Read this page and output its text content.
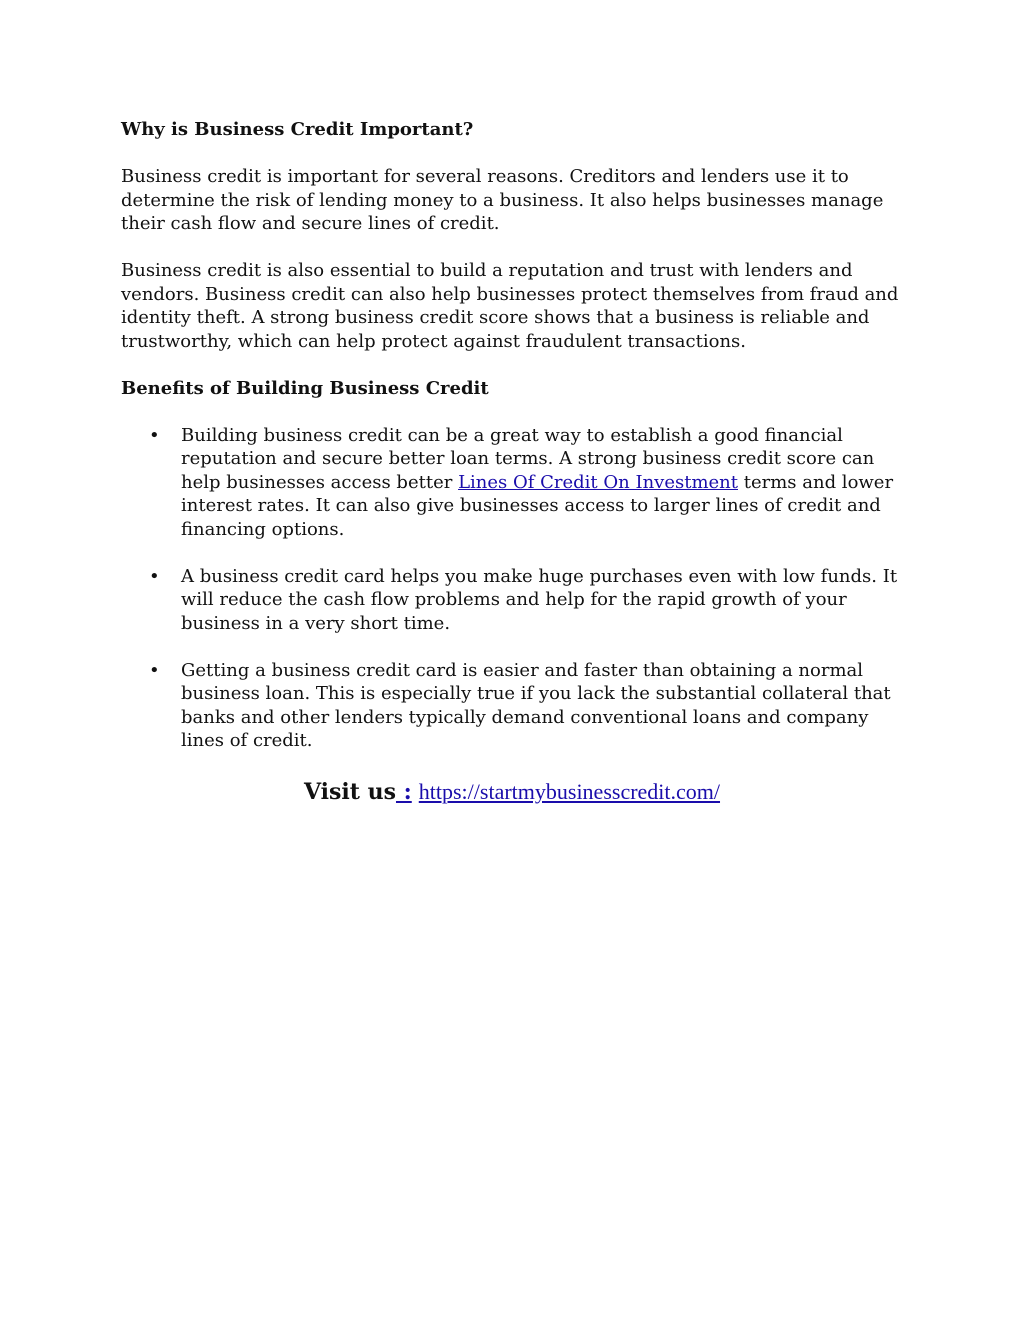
Why is Business Credit Important?

Business credit is important for several reasons. Creditors and lenders use it to determine the risk of lending money to a business. It also helps businesses manage their cash flow and secure lines of credit.

Business credit is also essential to build a reputation and trust with lenders and vendors. Business credit can also help businesses protect themselves from fraud and identity theft. A strong business credit score shows that a business is reliable and trustworthy, which can help protect against fraudulent transactions.

Benefits of Building Business Credit

• Building business credit can be a great way to establish a good financial reputation and secure better loan terms. A strong business credit score can help businesses access better Lines Of Credit On Investment terms and lower interest rates. It can also give businesses access to larger lines of credit and financing options.
• A business credit card helps you make huge purchases even with low funds. It will reduce the cash flow problems and help for the rapid growth of your business in a very short time.
• Getting a business credit card is easier and faster than obtaining a normal business loan. This is especially true if you lack the substantial collateral that banks and other lenders typically demand conventional loans and company lines of credit.
Visit us : https://startmybusinesscredit.com/
